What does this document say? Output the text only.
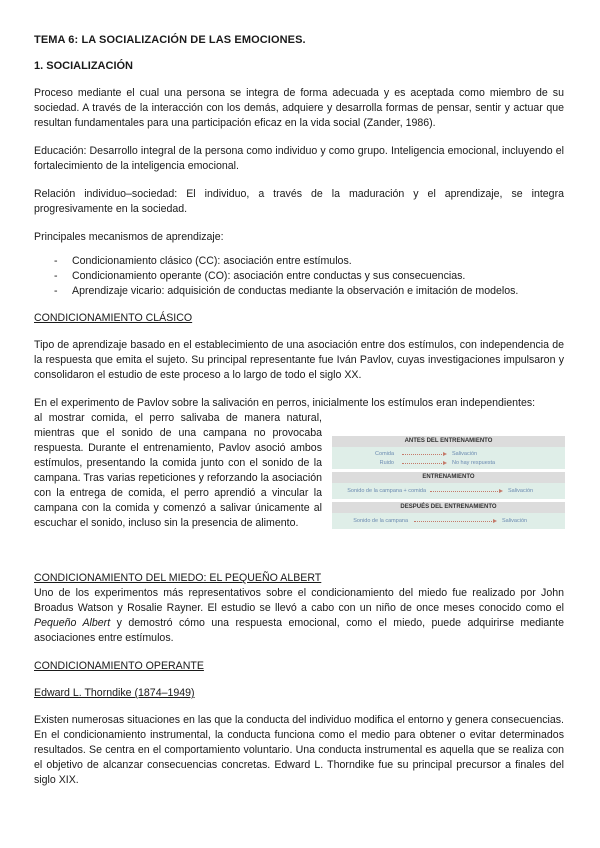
TEMA 6: LA SOCIALIZACIÓN DE LAS EMOCIONES.
1. SOCIALIZACIÓN

Proceso mediante el cual una persona se integra de forma adecuada y es aceptada como miembro de su sociedad. A través de la interacción con los demás, adquiere y desarrolla formas de pensar, sentir y actuar que resultan fundamentales para una participación eficaz en la vida social (Zander, 1986).

Educación: Desarrollo integral de la persona como individuo y como grupo. Inteligencia emocional, incluyendo el fortalecimiento de la inteligencia emocional.

Relación individuo–sociedad: El individuo, a través de la maduración y el aprendizaje, se integra progresivamente en la sociedad.

Principales mecanismos de aprendizaje:

- Condicionamiento clásico (CC): asociación entre estímulos.
- Condicionamiento operante (CO): asociación entre conductas y sus consecuencias.
- Aprendizaje vicario: adquisición de conductas mediante la observación e imitación de modelos.
CONDICIONAMIENTO CLÁSICO

Tipo de aprendizaje basado en el establecimiento de una asociación entre dos estímulos, con independencia de la respuesta que emita el sujeto. Su principal representante fue Iván Pavlov, cuyas investigaciones impulsaron y consolidaron el estudio de este proceso a lo largo de todo el siglo XX.

En el experimento de Pavlov sobre la salivación en perros, inicialmente los estímulos eran independientes:

al mostrar comida, el perro salivaba de manera natural, mientras que el sonido de una campana no provocaba respuesta. Durante el entrenamiento, Pavlov asoció ambos estímulos, presentando la comida junto con el sonido de la campana. Tras varias repeticiones y reforzando la asociación con la entrega de comida, el perro aprendió a vincular la campana con la comida y comenzó a salivar únicamente al escuchar el sonido, incluso sin la presencia de alimento.

ANTES DEL ENTRENAMIENTO
Comida	Salivación
Ruido	No hay respuesta
ENTRENAMIENTO
Sonido de la campana + comida	Salivación
DESPUÉS DEL ENTRENAMIENTO
Sonido de la campana	Salivación
CONDICIONAMIENTO DEL MIEDO: EL PEQUEÑO ALBERT

Uno de los experimentos más representativos sobre el condicionamiento del miedo fue realizado por John Broadus Watson y Rosalie Rayner. El estudio se llevó a cabo con un niño de once meses conocido como el Pequeño Albert y demostró cómo una respuesta emocional, como el miedo, puede adquirirse mediante asociaciones entre estímulos.

CONDICIONAMIENTO OPERANTE
Edward L. Thorndike (1874–1949)

Existen numerosas situaciones en las que la conducta del individuo modifica el entorno y genera consecuencias. En el condicionamiento instrumental, la conducta funciona como el medio para obtener o evitar determinados resultados. Se centra en el comportamiento voluntario. Una conducta instrumental es aquella que se realiza con el objetivo de alcanzar consecuencias concretas. Edward L. Thorndike fue su principal precursor a finales del siglo XIX.
